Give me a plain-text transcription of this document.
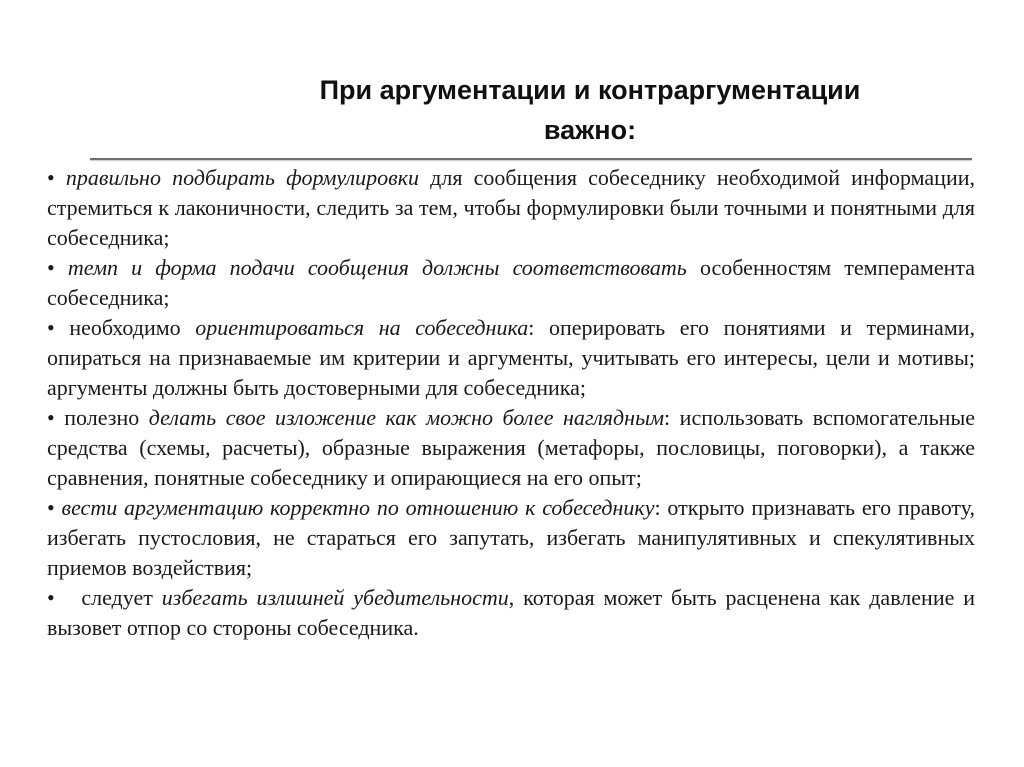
При аргументации и контраргументации
важно:

• правильно подбирать формулировки для сообщения собеседнику необходимой информации, стремиться к лаконичности, следить за тем, чтобы формулировки были точными и понятными для собеседника;

• темп и форма подачи сообщения должны соответствовать особенностям темперамента собеседника;

• необходимо ориентироваться на собеседника: оперировать его понятиями и терминами, опираться на признаваемые им критерии и аргументы, учитывать его интересы, цели и мотивы; аргументы должны быть достоверными для собеседника;

• полезно делать свое изложение как можно более наглядным: использовать вспомогательные средства (схемы, расчеты), образные выражения (метафоры, пословицы, поговорки), а также сравнения, понятные собеседнику и опирающиеся на его опыт;

• вести аргументацию корректно по отношению к собеседнику: открыто признавать его правоту, избегать пустословия, не стараться его запутать, избегать манипулятивных и спекулятивных приемов воздействия;

• следует избегать излишней убедительности, которая может быть расценена как давление и вызовет отпор со стороны собеседника.
